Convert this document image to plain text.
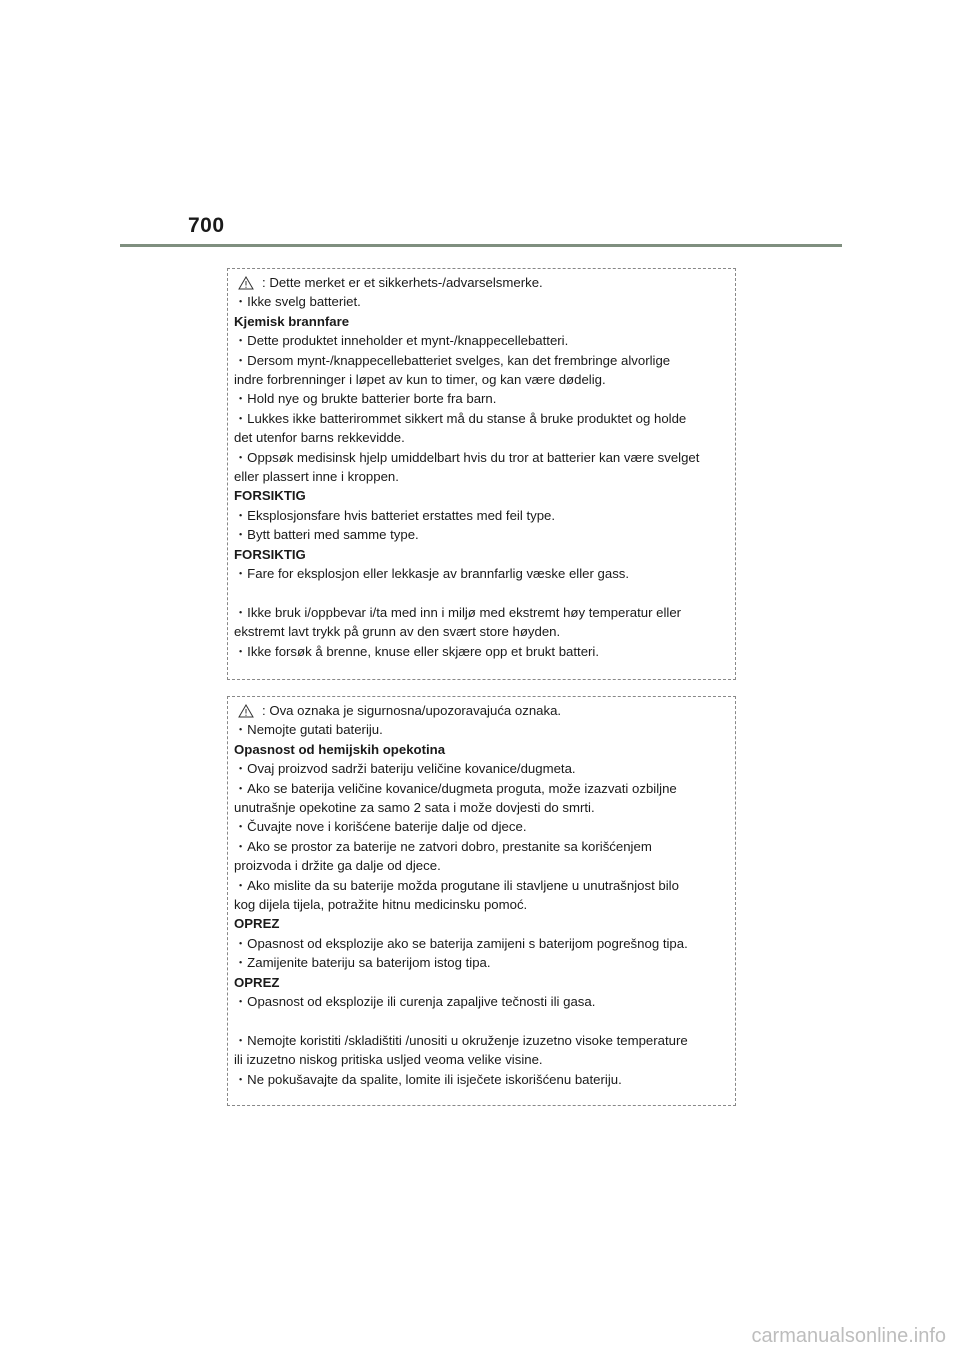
700
: Dette merket er et sikkerhets-/advarselsmerke.
・Ikke svelg batteriet.
Kjemisk brannfare
・Dette produktet inneholder et mynt-/knappecellebatteri.
・Dersom mynt-/knappecellebatteriet svelges, kan det frembringe alvorlige
indre forbrenninger i løpet av kun to timer, og kan være dødelig.
・Hold nye og brukte batterier borte fra barn.
・Lukkes ikke batterirommet sikkert må du stanse å bruke produktet og holde
det utenfor barns rekkevidde.
・Oppsøk medisinsk hjelp umiddelbart hvis du tror at batterier kan være svelget
eller plassert inne i kroppen.
FORSIKTIG
・Eksplosjonsfare hvis batteriet erstattes med feil type.
・Bytt batteri med samme type.
FORSIKTIG
・Fare for eksplosjon eller lekkasje av brannfarlig væske eller gass.
・Ikke bruk i/oppbevar i/ta med inn i miljø med ekstremt høy temperatur eller
ekstremt lavt trykk på grunn av den svært store høyden.
・Ikke forsøk å brenne, knuse eller skjære opp et brukt batteri.
: Ova oznaka je sigurnosna/upozoravajuća oznaka.
・Nemojte gutati bateriju.
Opasnost od hemijskih opekotina
・Ovaj proizvod sadrži bateriju veličine kovanice/dugmeta.
・Ako se baterija veličine kovanice/dugmeta proguta, može izazvati ozbiljne
unutrašnje opekotine za samo 2 sata i može dovjesti do smrti.
・Čuvajte nove i korišćene baterije dalje od djece.
・Ako se prostor za baterije ne zatvori dobro, prestanite sa korišćenjem
proizvoda i držite ga dalje od djece.
・Ako mislite da su baterije možda progutane ili stavljene u unutrašnjost bilo
kog dijela tijela, potražite hitnu medicinsku pomoć.
OPREZ
・Opasnost od eksplozije ako se baterija zamijeni s baterijom pogrešnog tipa.
・Zamijenite bateriju sa baterijom istog tipa.
OPREZ
・Opasnost od eksplozije ili curenja zapaljive tečnosti ili gasa.
・Nemojte koristiti /skladištiti /unositi u okruženje izuzetno visoke temperature
ili izuzetno niskog pritiska usljed veoma velike visine.
・Ne pokušavajte da spalite, lomite ili isječete iskorišćenu bateriju.
carmanualsonline.info
